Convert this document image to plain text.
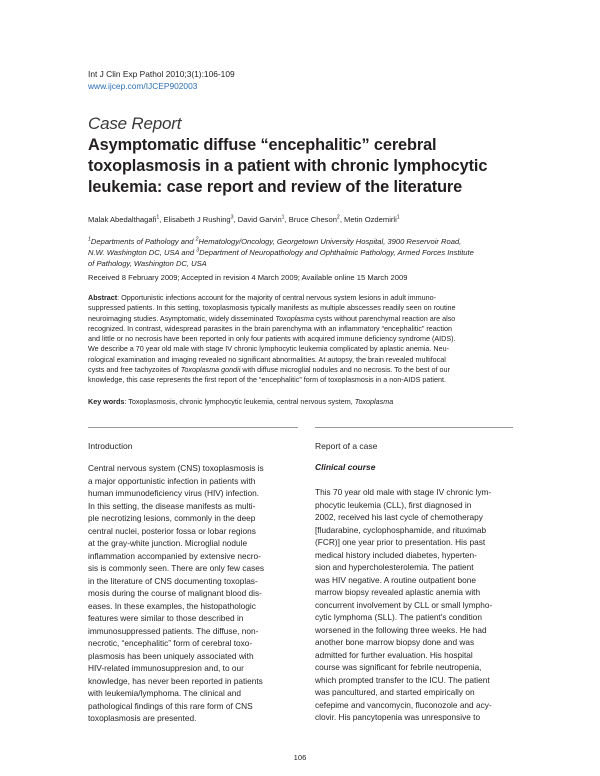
Int J Clin Exp Pathol 2010;3(1):106-109
www.ijcep.com/IJCEP902003
Case Report
Asymptomatic diffuse “encephalitic” cerebral toxoplasmosis in a patient with chronic lymphocytic leukemia: case report and review of the literature
Malak Abedalthagafi$^1$, Elisabeth J Rushing$^3$, David Garvin$^1$, Bruce Cheson$^2$, Metin Ozdemirli$^1$
$^1$Departments of Pathology and $^2$Hematology/Oncology, Georgetown University Hospital, 3900 Reservoir Road,
N.W. Washington DC, USA and $^3$Department of Neuropathology and Ophthalmic Pathology, Armed Forces Institute
of Pathology, Washington DC, USA
Received 8 February 2009; Accepted in revision 4 March 2009; Available online 15 March 2009
Abstract: Opportunistic infections account for the majority of central nervous system lesions in adult immuno-
suppressed patients. In this setting, toxoplasmosis typically manifests as multiple abscesses readily seen on routine
neuroimaging studies. Asymptomatic, widely disseminated Toxoplasma cysts without parenchymal reaction are also
recognized. In contrast, widespread parasites in the brain parenchyma with an inflammatory “encephalitic” reaction
and little or no necrosis have been reported in only four patients with acquired immune deficiency syndrome (AIDS).
We describe a 70 year old male with stage IV chronic lymphocytic leukemia complicated by aplastic anemia. Neu-
rological examination and imaging revealed no significant abnormalities. At autopsy, the brain revealed multifocal
cysts and free tachyzoites of Toxoplasma gondii with diffuse microglial nodules and no necrosis. To the best of our
knowledge, this case represents the first report of the “encephalitic” form of toxoplasmosis in a non-AIDS patient.
Key words: Toxoplasmosis, chronic lymphocytic leukemia, central nervous system, Toxoplasma
Introduction
Central nervous system (CNS) toxoplasmosis is
a major opportunistic infection in patients with
human immunodeficiency virus (HIV) infection.
In this setting, the disease manifests as multi-
ple necrotizing lesions, commonly in the deep
central nuclei, posterior fossa or lobar regions
at the gray-white junction. Microglial nodule
inflammation accompanied by extensive necro-
sis is commonly seen. There are only few cases
in the literature of CNS documenting toxoplas-
mosis during the course of malignant blood dis-
eases. In these examples, the histopathologic
features were similar to those described in
immunosuppressed patients. The diffuse, non-
necrotic, “encephalitic” form of cerebral toxo-
plasmosis has been uniquely associated with
HIV-related immunosuppresion and, to our
knowledge, has never been reported in patients
with leukemia/lymphoma. The clinical and
pathological findings of this rare form of CNS
toxoplasmosis are presented.
Report of a case
Clinical course
This 70 year old male with stage IV chronic lym-
phocytic leukemia (CLL), first diagnosed in
2002, received his last cycle of chemotherapy
[fludarabine, cyclophosphamide, and rituximab
(FCR)] one year prior to presentation. His past
medical history included diabetes, hyperten-
sion and hypercholesterolemia. The patient
was HIV negative. A routine outpatient bone
marrow biopsy revealed aplastic anemia with
concurrent involvement by CLL or small lympho-
cytic lymphoma (SLL). The patient's condition
worsened in the following three weeks. He had
another bone marrow biopsy done and was
admitted for further evaluation. His hospital
course was significant for febrile neutropenia,
which prompted transfer to the ICU. The patient
was pancultured, and started empirically on
cefepime and vancomycin, fluconozole and acy-
clovir. His pancytopenia was unresponsive to
106
